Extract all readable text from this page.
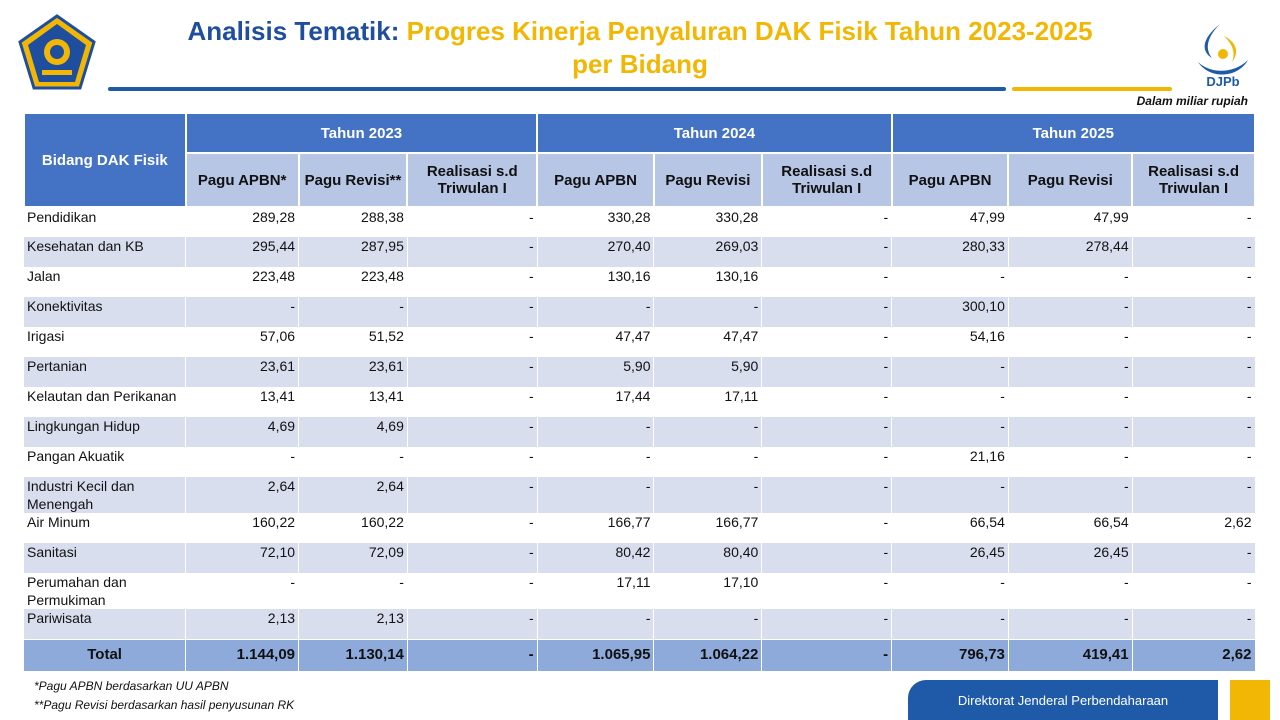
Analisis Tematik: Progres Kinerja Penyaluran DAK Fisik Tahun 2023-2025
per Bidang
DJPb
Dalam miliar rupiah
Bidang DAK Fisik	Tahun 2023			Tahun 2024			Tahun 2025		
	Pagu APBN*	Pagu Revisi**	Realisasi s.d Triwulan I	Pagu APBN	Pagu Revisi	Realisasi s.d Triwulan I	Pagu APBN	Pagu Revisi	Realisasi s.d Triwulan I
Pendidikan	289,28	288,38	-	330,28	330,28	-	47,99	47,99	-
Kesehatan dan KB	295,44	287,95	-	270,40	269,03	-	280,33	278,44	-
Jalan	223,48	223,48	-	130,16	130,16	-	-	-	-
Konektivitas	-	-	-	-	-	-	300,10	-	-
Irigasi	57,06	51,52	-	47,47	47,47	-	54,16	-	-
Pertanian	23,61	23,61	-	5,90	5,90	-	-	-	-
Kelautan dan Perikanan	13,41	13,41	-	17,44	17,11	-	-	-	-
Lingkungan Hidup	4,69	4,69	-	-	-	-	-	-	-
Pangan Akuatik	-	-	-	-	-	-	21,16	-	-
Industri Kecil dan Menengah	2,64	2,64	-	-	-	-	-	-	-
Air Minum	160,22	160,22	-	166,77	166,77	-	66,54	66,54	2,62
Sanitasi	72,10	72,09	-	80,42	80,40	-	26,45	26,45	-
Perumahan dan Permukiman	-	-	-	17,11	17,10	-	-	-	-
Pariwisata	2,13	2,13	-	-	-	-	-	-	-
Total	1.144,09	1.130,14	-	1.065,95	1.064,22	-	796,73	419,41	2,62
*Pagu APBN berdasarkan UU APBN
**Pagu Revisi berdasarkan hasil penyusunan RK	Direktorat Jenderal Perbendaharaan
